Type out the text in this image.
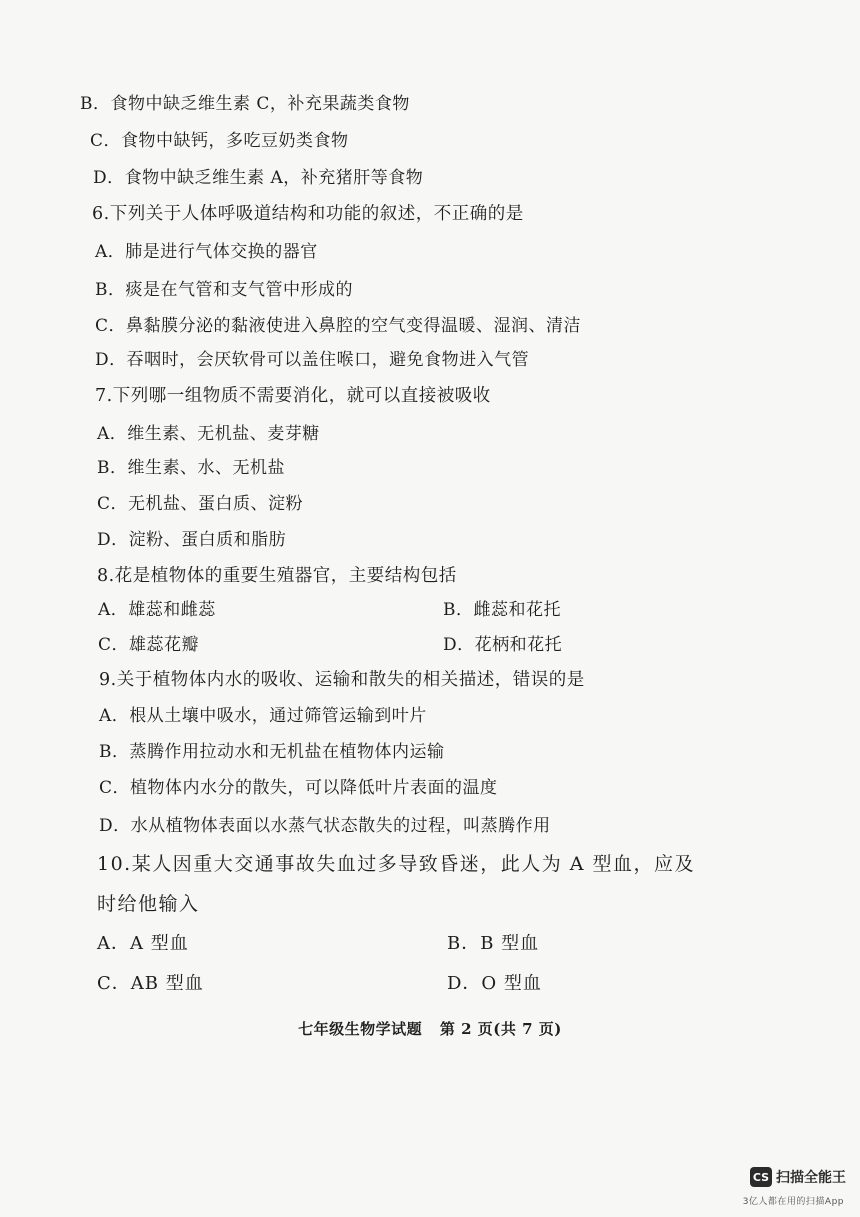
B．食物中缺乏维生素 C，补充果蔬类食物
C．食物中缺钙，多吃豆奶类食物
D．食物中缺乏维生素 A，补充猪肝等食物
6.下列关于人体呼吸道结构和功能的叙述，不正确的是
A．肺是进行气体交换的器官
B．痰是在气管和支气管中形成的
C．鼻黏膜分泌的黏液使进入鼻腔的空气变得温暖、湿润、清洁
D．吞咽时，会厌软骨可以盖住喉口，避免食物进入气管
7.下列哪一组物质不需要消化，就可以直接被吸收
A．维生素、无机盐、麦芽糖
B．维生素、水、无机盐
C．无机盐、蛋白质、淀粉
D．淀粉、蛋白质和脂肪
8.花是植物体的重要生殖器官，主要结构包括
A．雄蕊和雌蕊	B．雌蕊和花托
C．雄蕊花瓣	D．花柄和花托
9.关于植物体内水的吸收、运输和散失的相关描述，错误的是
A．根从土壤中吸水，通过筛管运输到叶片
B．蒸腾作用拉动水和无机盐在植物体内运输
C．植物体内水分的散失，可以降低叶片表面的温度
D．水从植物体表面以水蒸气状态散失的过程，叫蒸腾作用
10.某人因重大交通事故失血过多导致昏迷，此人为 A 型血，应及
时给他输入
A．A 型血	B．B 型血
C．AB 型血	D．O 型血
七年级生物学试题 第 2 页(共 7 页)
CS 扫描全能王
3亿人都在用的扫描App
